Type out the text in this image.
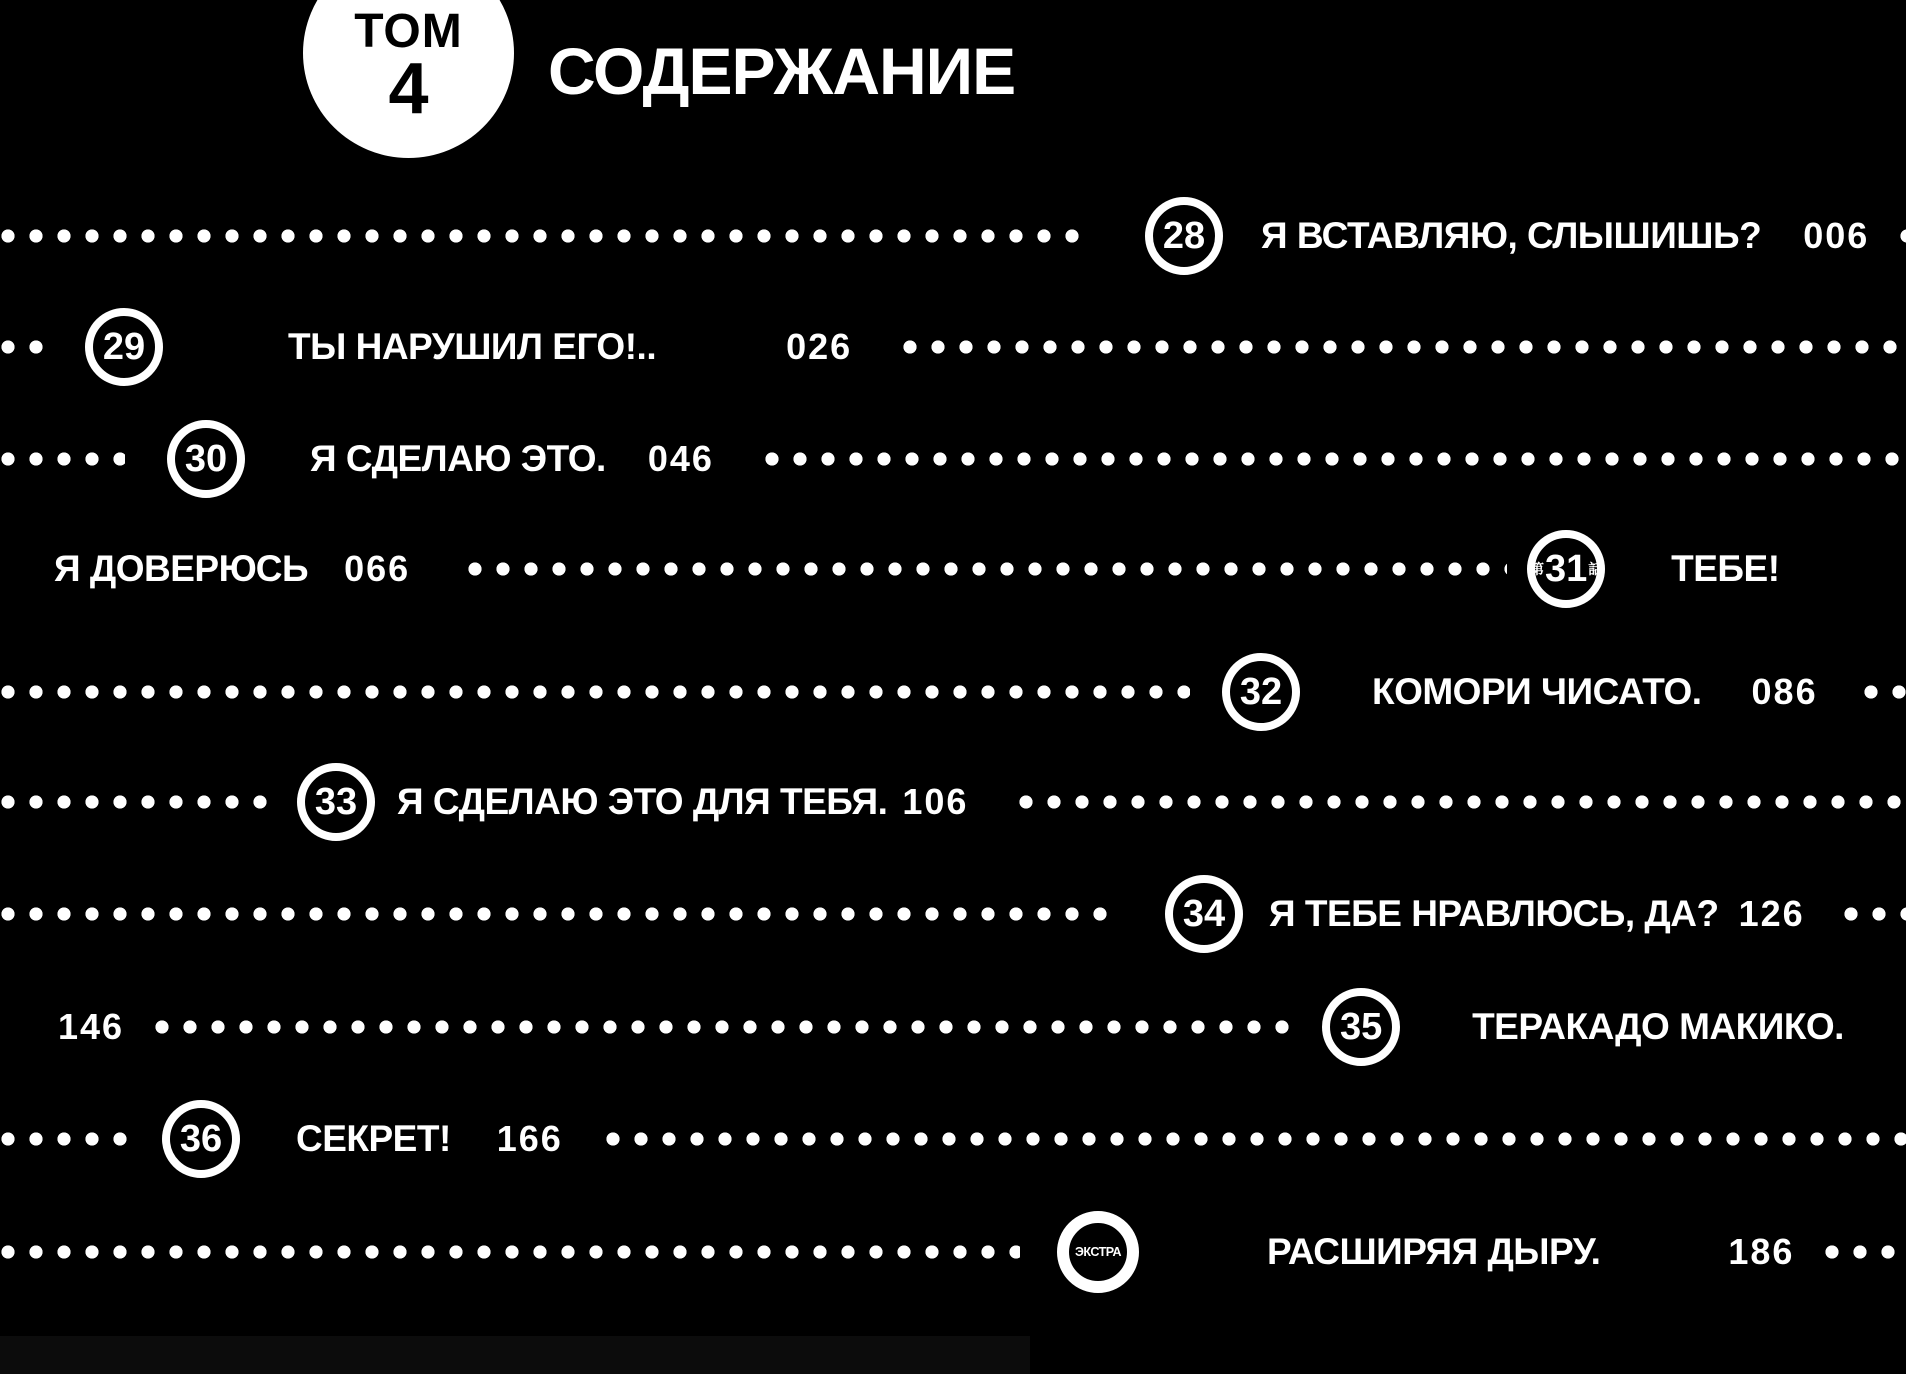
ТОМ
4 СОДЕРЖАНИЕ
28 Я ВСТАВЛЯЮ, СЛЫШИШЬ? 006
29	ТЫ НАРУШИЛ ЕГО!..	026
30 Я СДЕЛАЮ ЭТО. 046
Я ДОВЕРЮСЬ 066	第 31 話 ТЕБЕ!
32 КОМОРИ ЧИСАТО. 086
33 Я СДЕЛАЮ ЭТО ДЛЯ ТЕБЯ. 106
34 Я ТЕБЕ НРАВЛЮСЬ, ДА? 126
146	35 ТЕРАКАДО МАКИКО.
36 СЕКРЕТ! 166
ЭКСТРА	РАСШИРЯЯ ДЫРУ.	186
